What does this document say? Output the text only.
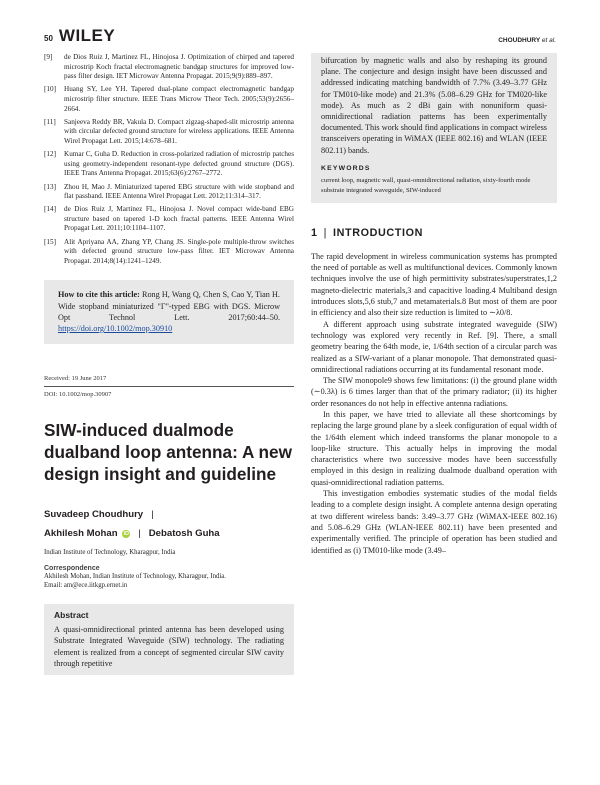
50 WILEY	CHOUDHURY et al.
[9]	de Dios Ruiz J, Martinez FL, Hinojosa J. Optimization of chirped and tapered microstrip Koch fractal electromagnetic bandgap structures for improved low-pass filter design. IET Microwav Antenna Propagat. 2015;9(9):889–897.
[10]	Huang SY, Lee YH. Tapered dual-plane compact electromagnetic bandgap microstrip filter structure. IEEE Trans Microw Theor Tech. 2005;53(9):2656–2664.
[11]	Sanjeeva Reddy BR, Vakula D. Compact zigzag-shaped-slit microstrip antenna with circular defected ground structure for wireless applications. IEEE Antenna Wirel Propagat Lett. 2015;14:678–681.
[12]	Kumar C, Guha D. Reduction in cross-polarized radiation of microstrip patches using geometry-independent resonant-type defected ground structure (DGS). IEEE Trans Antenna Propagat. 2015;63(6):2767–2772.
[13]	Zhou H, Mao J. Miniaturized tapered EBG structure with wide stopband and flat passband. IEEE Antenna Wirel Propagat Lett. 2012;11:314–317.
[14]	de Dios Ruiz J, Martinez FL, Hinojosa J. Novel compact wide-band EBG structure based on tapered 1-D koch fractal patterns. IEEE Antenna Wirel Propagat Lett. 2011;10:1104–1107.
[15]	Alit Apriyana AA, Zhang YP, Chang JS. Single-pole multiple-throw switches with defected ground structure low-pass filter. IET Microwav Antenna Propagat. 2014;8(14):1241–1249.
How to cite this article: Rong H, Wang Q, Chen S, Cao Y, Tian H. Wide stopband miniaturized "Γ"-typed EBG with DGS. Microw Opt Technol Lett. 2017;60:44–50. https://doi.org/10.1002/mop.30910
Received: 19 June 2017
DOI: 10.1002/mop.30907
SIW-induced dualmode dualband loop antenna: A new design insight and guideline
Suvadeep Choudhury |
Akhilesh Mohan iD | Debatosh Guha
Indian Institute of Technology, Kharagpur, India
Correspondence
Akhilesh Mohan, Indian Institute of Technology, Kharagpur, India.
Email: am@ece.iitkgp.ernet.in
Abstract

A quasi-omnidirectional printed antenna has been developed using Substrate Integrated Waveguide (SIW) technology. The radiating element is realized from a concept of segmented circular SIW cavity through repetitive

bifurcation by magnetic walls and also by reshaping its ground plane. The conjecture and design insight have been discussed and addressed indicating matching bandwidth of 7.7% (3.49–3.77 GHz for TM010-like mode) and 21.3% (5.08–6.29 GHz for TM020-like mode). As much as 2 dBi gain with nonuniform quasi-omnidirectional radiation patterns has been experimentally documented. This work should find applications in compact wireless transceivers operating in WiMAX (IEEE 802.16) and WLAN (IEEE 802.11) bands.

KEYWORDS
current loop, magnetic wall, quasi-omnidirectional radiation, sixty-fourth mode substrate integrated waveguide, SIW-induced
1 | INTRODUCTION

The rapid development in wireless communication systems has prompted the need of portable as well as multifunctional devices. Commonly known techniques involve the use of high permittivity substrates/superstrates,1,2 magneto-dielectric materials,3 and capacitive loading.4 Multiband design introduces slots,5,6 stub,7 and metamaterials.8 But most of them are poor in efficiency and also their size reduction is limited to ∼λ0/8.

A different approach using substrate integrated waveguide (SIW) technology was explored very recently in Ref. [9]. There, a small geometry bearing the 64th mode, ie, 1/64th section of a circular parch was realized as a SIW-variant of a planar monopole. That demonstrated quasi-omnidirectional radiations occurring at its fundamental resonant mode.

The SIW monopole9 shows few limitations: (i) the ground plane width (∼0.3λ) is 6 times larger than that of the primary radiator; (ii) its higher order resonances do not help in effective antenna radiations.

In this paper, we have tried to alleviate all these shortcomings by replacing the large ground plane by a sleek configuration of equal width of the 1/64th element which indeed transforms the planar monopole to a loop-like structure. This actually helps in improving the modal characteristics where two successive modes have been successfully employed in this design in realizing dualmode dualband operation with quasi-omnidirectional radiation patterns.

This investigation embodies systematic studies of the modal fields leading to a complete design insight. A complete antenna design operating at two different wireless bands: 3.49–3.77 GHz (WiMAX-IEEE 802.16) and 5.08–6.29 GHz (WLAN-IEEE 802.11) have been presented and experimentally verified. The principle of operation has been studied and identified as (i) TM010-like mode (3.49–
